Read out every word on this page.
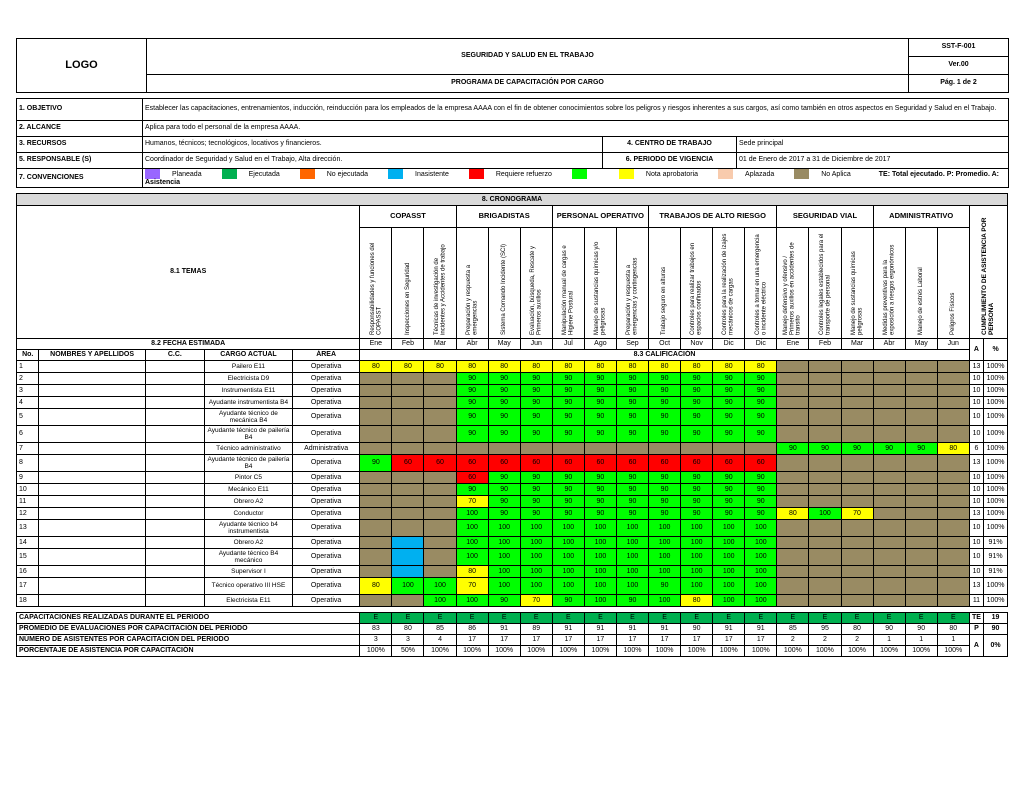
LOGO	SEGURIDAD Y SALUD EN EL TRABAJO	SST-F-001
		Ver.00
	PROGRAMA DE CAPACITACIÓN POR CARGO	Pág. 1 de 2
1. OBJETIVO	Establecer las capacitaciones, entrenamientos, inducción, reinducción para los empleados de la empresa AAAA con el fin de obtener conocimientos sobre los peligros y riesgos inherentes a sus cargos, así como también en otros aspectos en Seguridad y Salud en el Trabajo.		
2. ALCANCE	Aplica para todo el personal de la empresa AAAA.		
3. RECURSOS	Humanos, técnicos; tecnológicos, locativos y financieros.	4. CENTRO DE TRABAJO	Sede principal
5. RESPONSABLE (S)	Coordinador de Seguridad y Salud en el Trabajo, Alta dirección.	6. PERIODO DE VIGENCIA	01 de Enero de 2017 a 31 de Diciembre de 2017
7. CONVENCIONES	Planeada Ejecutada No ejecutada Inasistente Requiere refuerzo Nota aprobatoria Aplazada No Aplica TE: Total ejecutado. P: Promedio. A: Asistencia		
8. CRONOGRAMA																									
8.1 TEMAS					COPASST			BRIGADISTAS			PERSONAL OPERATIVO			TRABAJOS DE ALTO RIESGO				SEGURIDAD VIAL			ADMINISTRATIVO			CUMPLIMIENTO DE ASISTENCIA POR PERSONA	

					Responsabilidades y funciones del COPASST	Inspecciones en Seguridad	Técnicas de investigación de incidentes y Accidentes de trabajo	Preparación y respuesta a emergencias	Sistema Comando Incidente (SCI)	Evaluación, búsqueda, Rescate y Primeros auxilios	Manipulación manual de cargas e Higiene Postural	Manejo de sustancias químicas y/o peligrosas	Preparación y respuesta a emergencias y contingencias	Trabajo seguro en alturas	Controles para realizar trabajos en espacios confinados	Controles para la realización de izajes mecánicos de cargas	Controles a tomar en una emergencia o incidente eléctrico	Manejo defensivo y ofensivo / Primeros auxilios en accidentes de transito	Controles legales establecidos para el transporte de personal	Manejo de sustancias químicas peligrosas	Medidas preventivas para la exposición a riesgos ergonómicos	Manejo de estrés Laboral	Peligros Físicos		

8.2 FECHA ESTIMADA					Ene	Feb	Mar	Abr	May	Jun	Jul	Ago	Sep	Oct	Nov	Dic	Dic	Ene	Feb	Mar	Abr	May	Jun	A	%
No.	NOMBRES Y APELLIDOS	C.C.	CARGO ACTUAL	ÁREA	8.3 CALIFICACIÓN																				
1			Pailero E11	Operativa	80	80	80	80	80	80	80	80	80	80	80	80	80							13	100%
2			Electricista D9	Operativa				90	90	90	90	90	90	90	90	90	90							10	100%
3			Instrumentista E11	Operativa				90	90	90	90	90	90	90	90	90	90							10	100%
4			Ayudante instrumentista B4	Operativa				90	90	90	90	90	90	90	90	90	90							10	100%
5			Ayudante técnico de mecánica B4	Operativa				90	90	90	90	90	90	90	90	90	90							10	100%
6			Ayudante técnico de pailería B4	Operativa				90	90	90	90	90	90	90	90	90	90							10	100%
7			Técnico administrativo	Administrativa														90	90	90	90	90	80	6	100%
8			Ayudante técnico de pailería B4	Operativa	90	60	60	60	60	60	60	60	60	60	60	60	60							13	100%
9			Pintor C5	Operativa				60	90	90	90	90	90	90	90	90	90							10	100%
10			Mecánico E11	Operativa				90	90	90	90	90	90	90	90	90	90							10	100%
11			Obrero A2	Operativa				70	90	90	90	90	90	90	90	90	90							10	100%
12			Conductor	Operativa				100	90	90	90	90	90	90	90	90	90	80	100	70				13	100%
13			Ayudante técnico b4 instrumentista	Operativa				100	100	100	100	100	100	100	100	100	100							10	100%
14			Obrero A2	Operativa				100	100	100	100	100	100	100	100	100	100							10	91%
15			Ayudante técnico B4 mecánico	Operativa				100	100	100	100	100	100	100	100	100	100							10	91%
16			Supervisor I	Operativa				80	100	100	100	100	100	100	100	100	100							10	91%
17			Técnico operativo III HSE	Operativa	80	100	100	70	100	100	100	100	100	90	100	100	100							13	100%
18			Electricista E11	Operativa			100	100	90	70	90	100	90	100	80	100	100							11	100%

CAPACITACIONES REALIZADAS DURANTE EL PERIODO					E	E	E	E	E	E	E	E	E	E	E	E	E	E	E	E	E	E	E	TE	19
PROMEDIO DE EVALUACIONES POR CAPACITACIÓN DEL PERIODO					83	80	85	86	91	89	91	91	91	91	90	91	91	85	95	80	90	90	80	P	90
NÚMERO DE ASISTENTES POR CAPACITACIÓN DEL PERIODO					3	3	4	17	17	17	17	17	17	17	17	17	17	2	2	2	1	1	1	A	0%
PORCENTAJE DE ASISTENCIA POR CAPACITACIÓN					100%	50%	100%	100%	100%	100%	100%	100%	100%	100%	100%	100%	100%	100%	100%	100%	100%	100%	100%		
